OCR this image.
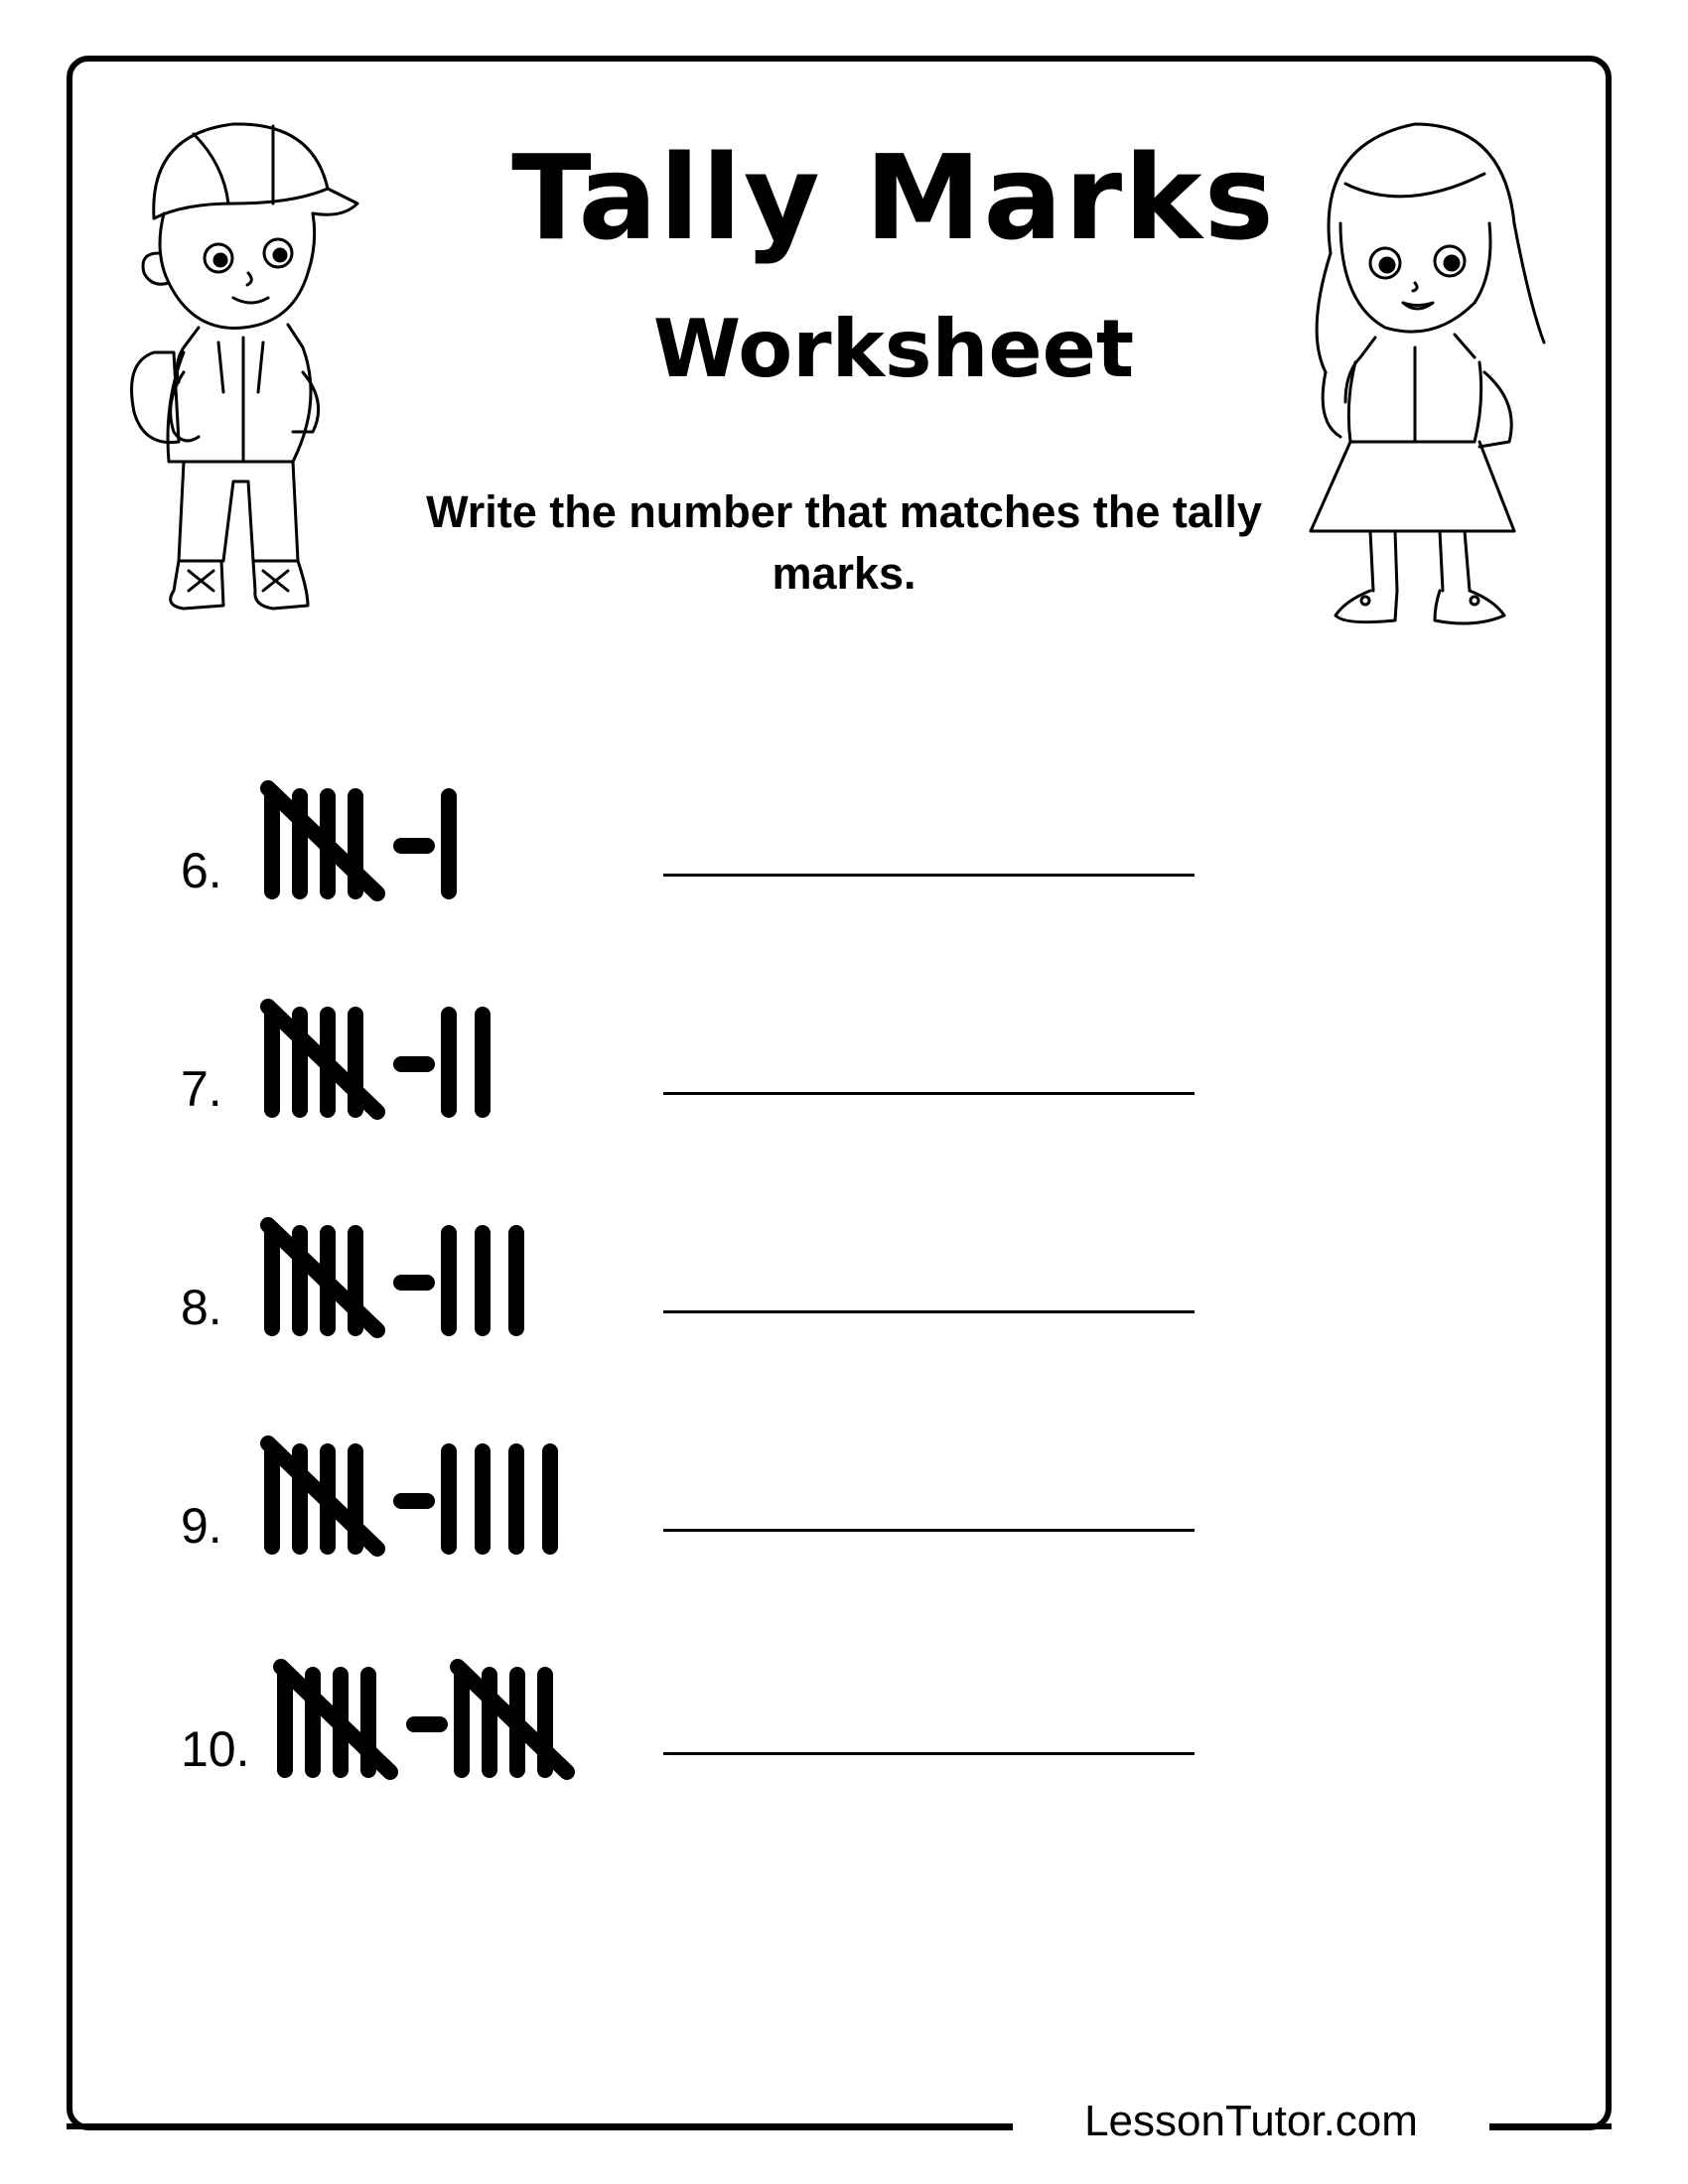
Tally Marks
Worksheet
Write the number that matches the tally marks.
6.
7.
8.
9.
10.
LessonTutor.com
